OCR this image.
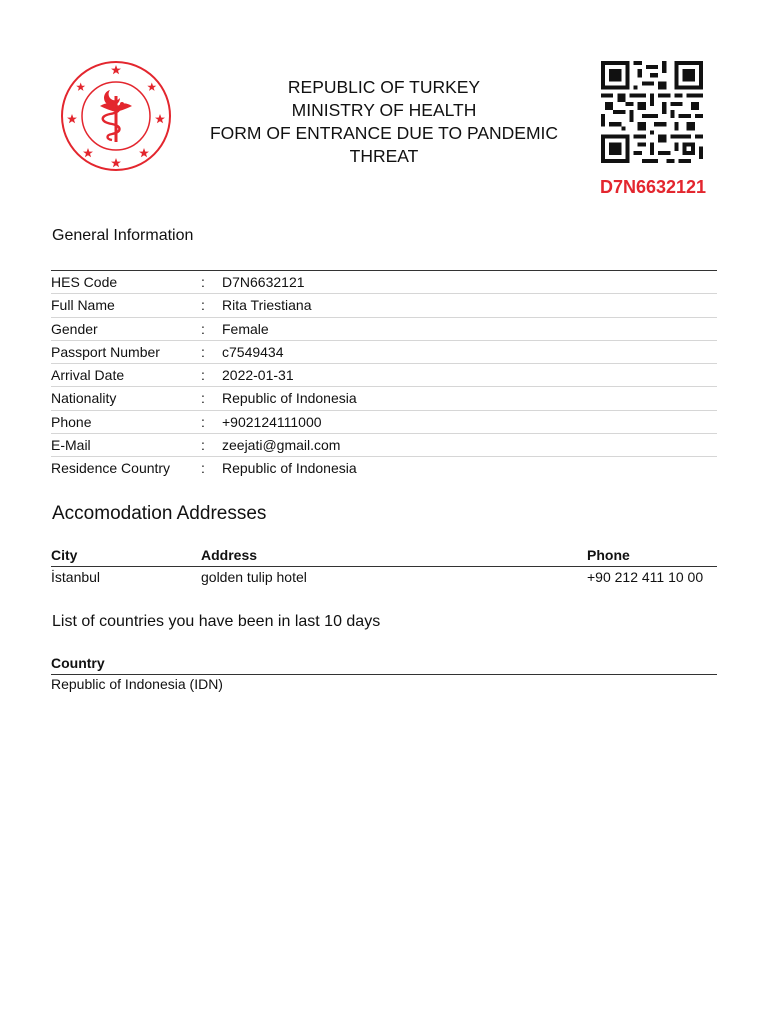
REPUBLIC OF TURKEY
MINISTRY OF HEALTH
FORM OF ENTRANCE DUE TO PANDEMIC
THREAT
D7N6632121
General Information
HES Code	: D7N6632121
Full Name	: Rita Triestiana
Gender	: Female
Passport Number	: c7549434
Arrival Date	: 2022-01-31
Nationality	: Republic of Indonesia
Phone	: +902124111000
E-Mail	: zeejati@gmail.com
Residence Country : Republic of Indonesia
Accomodation Addresses
City	Address	Phone
İstanbul	golden tulip hotel	+90 212 411 10 00
List of countries you have been in last 10 days
Country
Republic of Indonesia (IDN)
